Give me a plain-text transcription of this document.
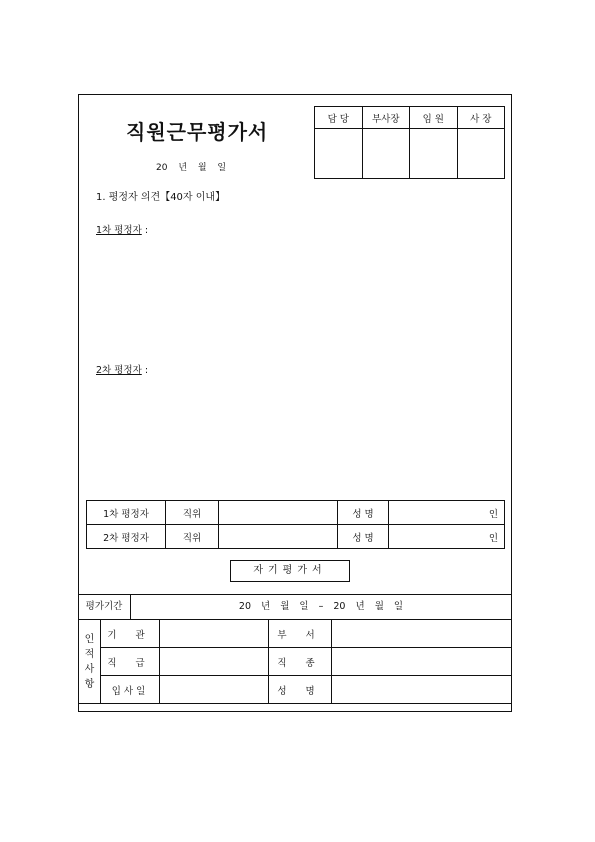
직원근무평가서
20 년 월 일
담 당	부사장	임 원	사 장

1. 평정자 의견【40자 이내】
1차 평정자 :
2차 평정자 :
1차 평정자	직위		성 명	인
2차 평정자	직위		성 명	인
자기평가서
평가기간	20 년 월 일 – 20 년 월 일
인
적
사
항	기 관		부 서	
	직 급		직 종	
	입사일		성 명	
